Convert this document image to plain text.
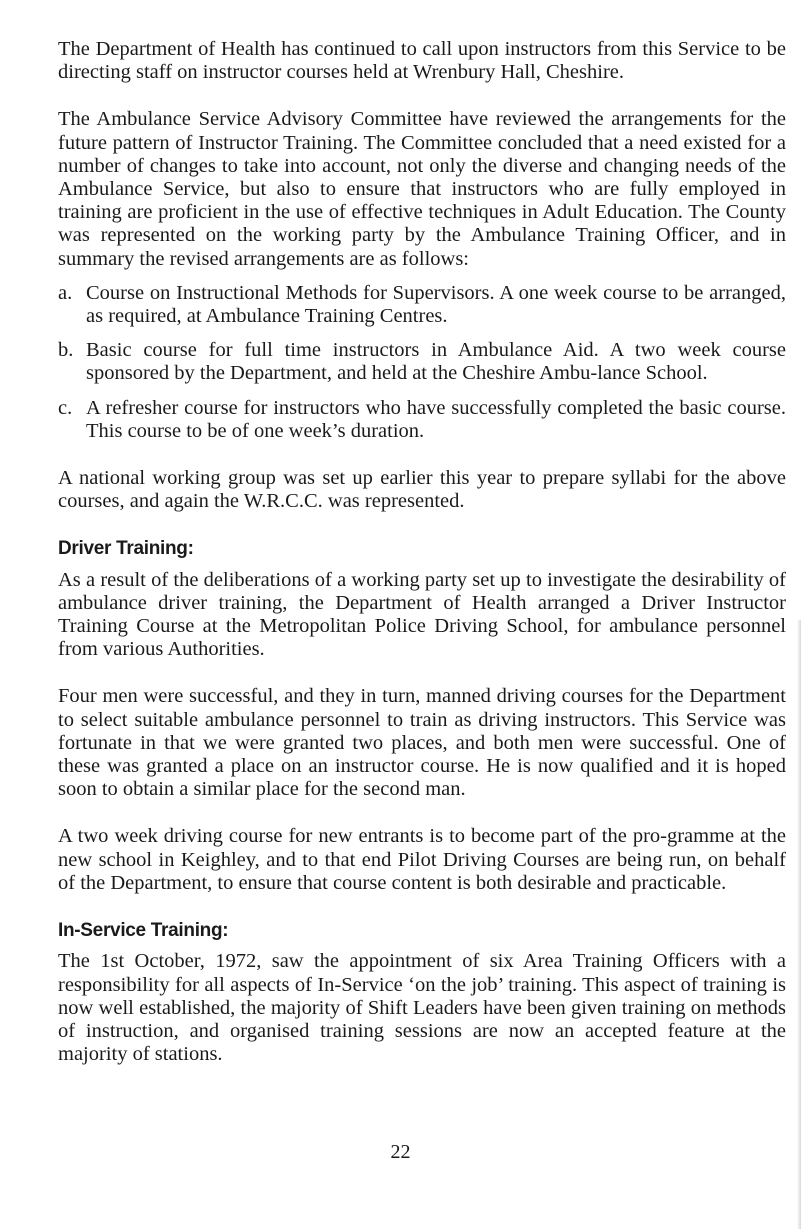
The Department of Health has continued to call upon instructors from this Service to be directing staff on instructor courses held at Wrenbury Hall, Cheshire.

The Ambulance Service Advisory Committee have reviewed the arrangements for the future pattern of Instructor Training. The Committee concluded that a need existed for a number of changes to take into account, not only the diverse and changing needs of the Ambulance Service, but also to ensure that instructors who are fully employed in training are proficient in the use of effective techniques in Adult Education. The County was represented on the working party by the Ambulance Training Officer, and in summary the revised arrangements are as follows:

a. Course on Instructional Methods for Supervisors. A one week course to be arranged, as required, at Ambulance Training Centres.
b. Basic course for full time instructors in Ambulance Aid. A two week course sponsored by the Department, and held at the Cheshire Ambu-lance School.
c. A refresher course for instructors who have successfully completed the basic course. This course to be of one week’s duration.

A national working group was set up earlier this year to prepare syllabi for the above courses, and again the W.R.C.C. was represented.

Driver Training:

As a result of the deliberations of a working party set up to investigate the desirability of ambulance driver training, the Department of Health arranged a Driver Instructor Training Course at the Metropolitan Police Driving School, for ambulance personnel from various Authorities.

Four men were successful, and they in turn, manned driving courses for the Department to select suitable ambulance personnel to train as driving instructors. This Service was fortunate in that we were granted two places, and both men were successful. One of these was granted a place on an instructor course. He is now qualified and it is hoped soon to obtain a similar place for the second man.

A two week driving course for new entrants is to become part of the pro-gramme at the new school in Keighley, and to that end Pilot Driving Courses are being run, on behalf of the Department, to ensure that course content is both desirable and practicable.

In-Service Training:

The 1st October, 1972, saw the appointment of six Area Training Officers with a responsibility for all aspects of In-Service ‘on the job’ training. This aspect of training is now well established, the majority of Shift Leaders have been given training on methods of instruction, and organised training sessions are now an accepted feature at the majority of stations.

22
